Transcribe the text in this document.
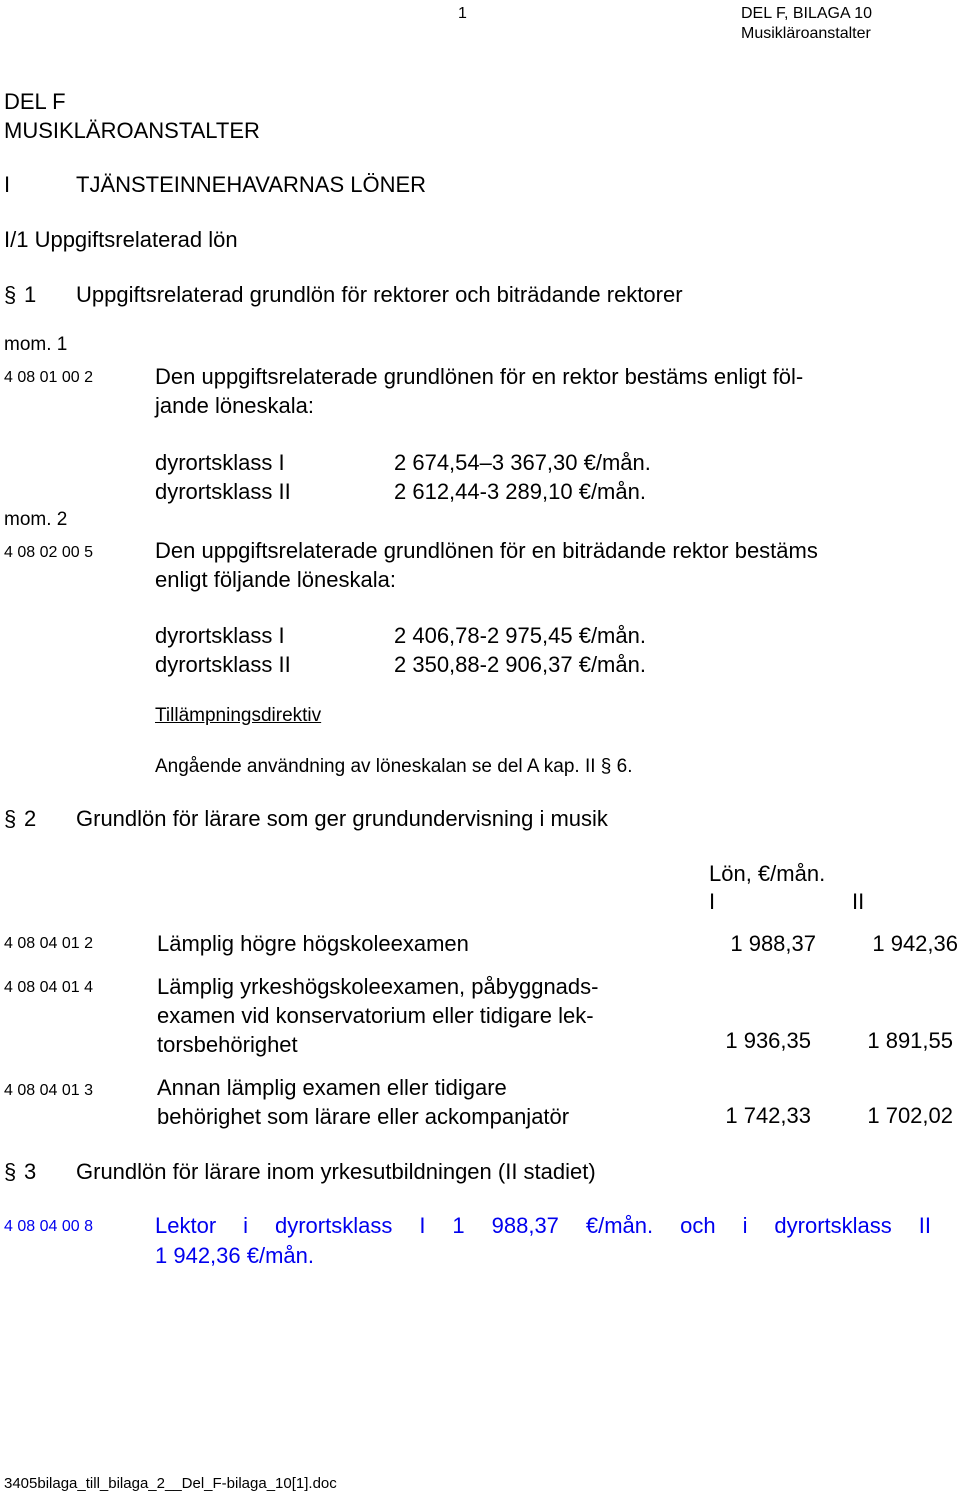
1	DEL F, BILAGA 10
Musikläroanstalter
DEL F
MUSIKLÄROANSTALTER
I	TJÄNSTEINNEHAVARNAS LÖNER
I/1 Uppgiftsrelaterad lön
§ 1 Uppgiftsrelaterad grundlön för rektorer och biträdande rektorer
mom. 1
4 08 01 00 2	Den uppgiftsrelaterade grundlönen för en rektor bestäms enligt föl-
jande löneskala:
dyrortsklass I	2 674,54–3 367,30 €/mån.
dyrortsklass II	2 612,44-3 289,10 €/mån.
mom. 2
4 08 02 00 5	Den uppgiftsrelaterade grundlönen för en biträdande rektor bestäms
enligt följande löneskala:
dyrortsklass I	2 406,78-2 975,45 €/mån.
dyrortsklass II	2 350,88-2 906,37 €/mån.
Tillämpningsdirektiv
Angående användning av löneskalan se del A kap. II § 6.
§ 2 Grundlön för lärare som ger grundundervisning i musik
Lön, €/mån.
I	II
4 08 04 01 2	Lämplig högre högskoleexamen	1 988,37	1 942,36
4 08 04 01 4	Lämplig yrkeshögskoleexamen, påbyggnads-
examen vid konservatorium eller tidigare lek-
torsbehörighet	1 936,35	1 891,55
4 08 04 01 3	Annan lämplig examen eller tidigare
behörighet som lärare eller ackompanjatör	1 742,33	1 702,02
§ 3 Grundlön för lärare inom yrkesutbildningen (II stadiet)
4 08 04 00 8	Lektor i dyrortsklass I 1 988,37 €/mån. och i dyrortsklass II
1 942,36 €/mån.
3405bilaga_till_bilaga_2__Del_F-bilaga_10[1].doc
